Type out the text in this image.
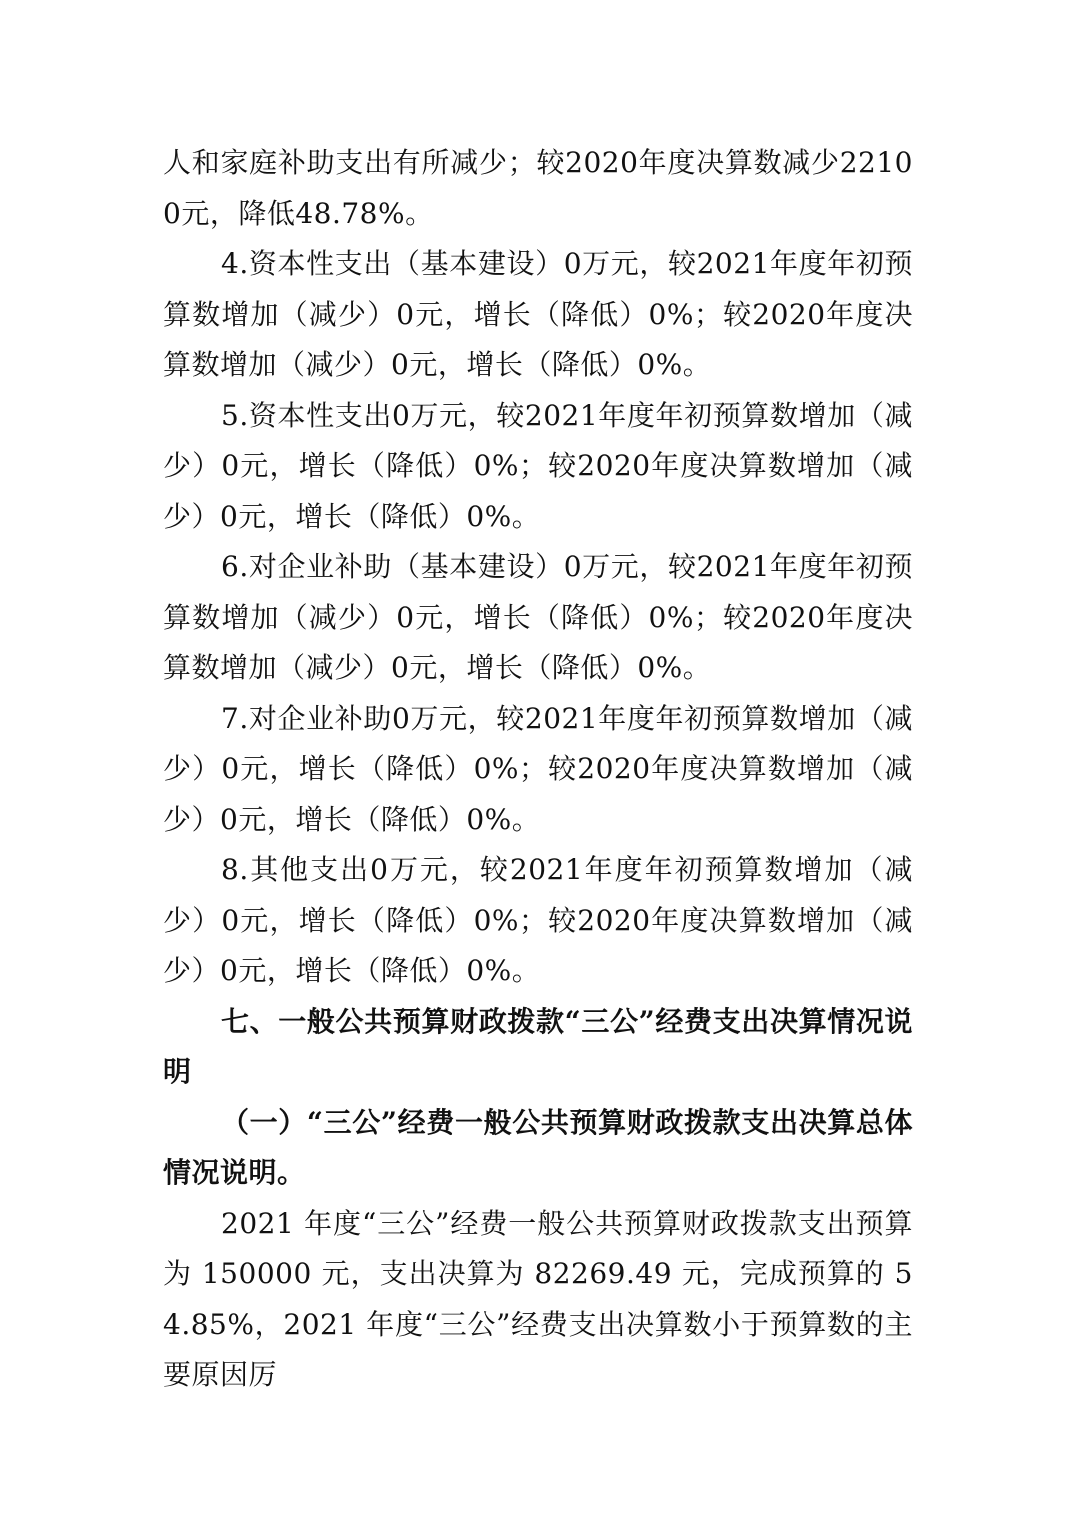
人和家庭补助支出有所减少；较2020年度决算数减少22100元，降低48.78%。

4.资本性支出（基本建设）0万元，较2021年度年初预算数增加（减少）0元，增长（降低）0%；较2020年度决算数增加（减少）0元，增长（降低）0%。

5.资本性支出0万元，较2021年度年初预算数增加（减少）0元，增长（降低）0%；较2020年度决算数增加（减少）0元，增长（降低）0%。

6.对企业补助（基本建设）0万元，较2021年度年初预算数增加（减少）0元，增长（降低）0%；较2020年度决算数增加（减少）0元，增长（降低）0%。

7.对企业补助0万元，较2021年度年初预算数增加（减少）0元，增长（降低）0%；较2020年度决算数增加（减少）0元，增长（降低）0%。

8.其他支出0万元，较2021年度年初预算数增加（减少）0元，增长（降低）0%；较2020年度决算数增加（减少）0元，增长（降低）0%。

七、一般公共预算财政拨款“三公”经费支出决算情况说明

（一）“三公”经费一般公共预算财政拨款支出决算总体情况说明。

2021 年度“三公”经费一般公共预算财政拨款支出预算为 150000 元，支出决算为 82269.49 元，完成预算的 54.85%，2021 年度“三公”经费支出决算数小于预算数的主要原因厉
